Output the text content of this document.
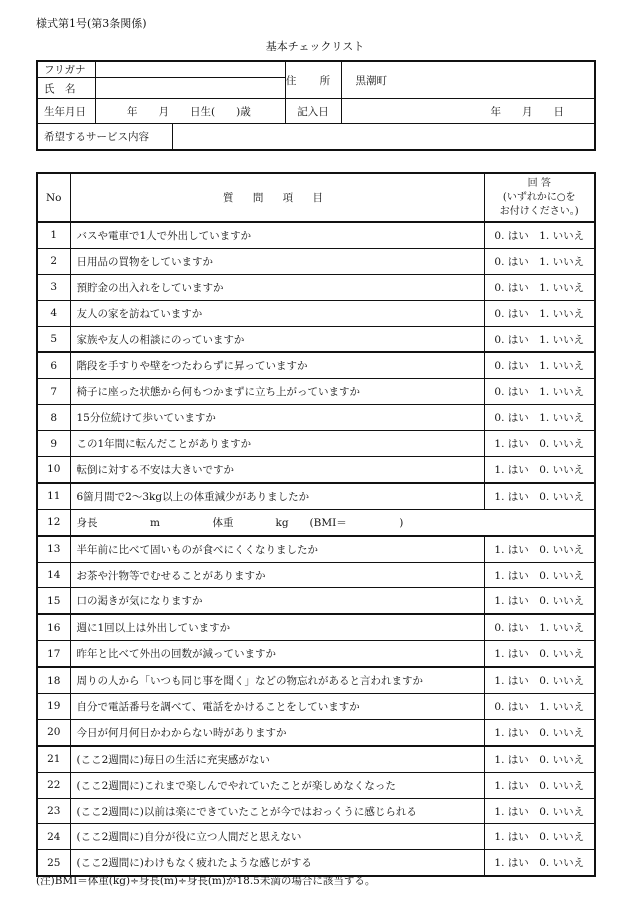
様式第1号(第3条関係)
基本チェックリスト
フリガナ		住 所	黒潮町
氏　名			
生年月日	　　　年　　月　　日生(　　)歳	記入日	年　　月　　日

希望するサービス内容			
No	質 問 項 目	回 答
(いずれかに○を
お付けください。)

1	バスや電車で1人で外出していますか	0. はい　1. いいえ
2	日用品の買物をしていますか	0. はい　1. いいえ
3	預貯金の出入れをしていますか	0. はい　1. いいえ
4	友人の家を訪ねていますか	0. はい　1. いいえ
5	家族や友人の相談にのっていますか	0. はい　1. いいえ
6	階段を手すりや壁をつたわらずに昇っていますか	0. はい　1. いいえ
7	椅子に座った状態から何もつかまずに立ち上がっていますか	0. はい　1. いいえ
8	15分位続けて歩いていますか	0. はい　1. いいえ
9	この1年間に転んだことがありますか	1. はい　0. いいえ
10	転倒に対する不安は大きいですか	1. はい　0. いいえ
11	6箇月間で2～3kg以上の体重減少がありましたか	1. はい　0. いいえ
12	身長　　　　　m　　　　　体重　　　　kg　　(BMI＝　　　　　)	
13	半年前に比べて固いものが食べにくくなりましたか	1. はい　0. いいえ
14	お茶や汁物等でむせることがありますか	1. はい　0. いいえ
15	口の渇きが気になりますか	1. はい　0. いいえ
16	週に1回以上は外出していますか	0. はい　1. いいえ
17	昨年と比べて外出の回数が減っていますか	1. はい　0. いいえ
18	周りの人から「いつも同じ事を聞く」などの物忘れがあると言われますか	1. はい　0. いいえ
19	自分で電話番号を調べて、電話をかけることをしていますか	0. はい　1. いいえ
20	今日が何月何日かわからない時がありますか	1. はい　0. いいえ
21	(ここ2週間に)毎日の生活に充実感がない	1. はい　0. いいえ
22	(ここ2週間に)これまで楽しんでやれていたことが楽しめなくなった	1. はい　0. いいえ
23	(ここ2週間に)以前は楽にできていたことが今ではおっくうに感じられる	1. はい　0. いいえ
24	(ここ2週間に)自分が役に立つ人間だと思えない	1. はい　0. いいえ
25	(ここ2週間に)わけもなく疲れたような感じがする	1. はい　0. いいえ
(注)BMI＝体重(kg)÷身長(m)÷身長(m)が18.5未満の場合に該当する。
